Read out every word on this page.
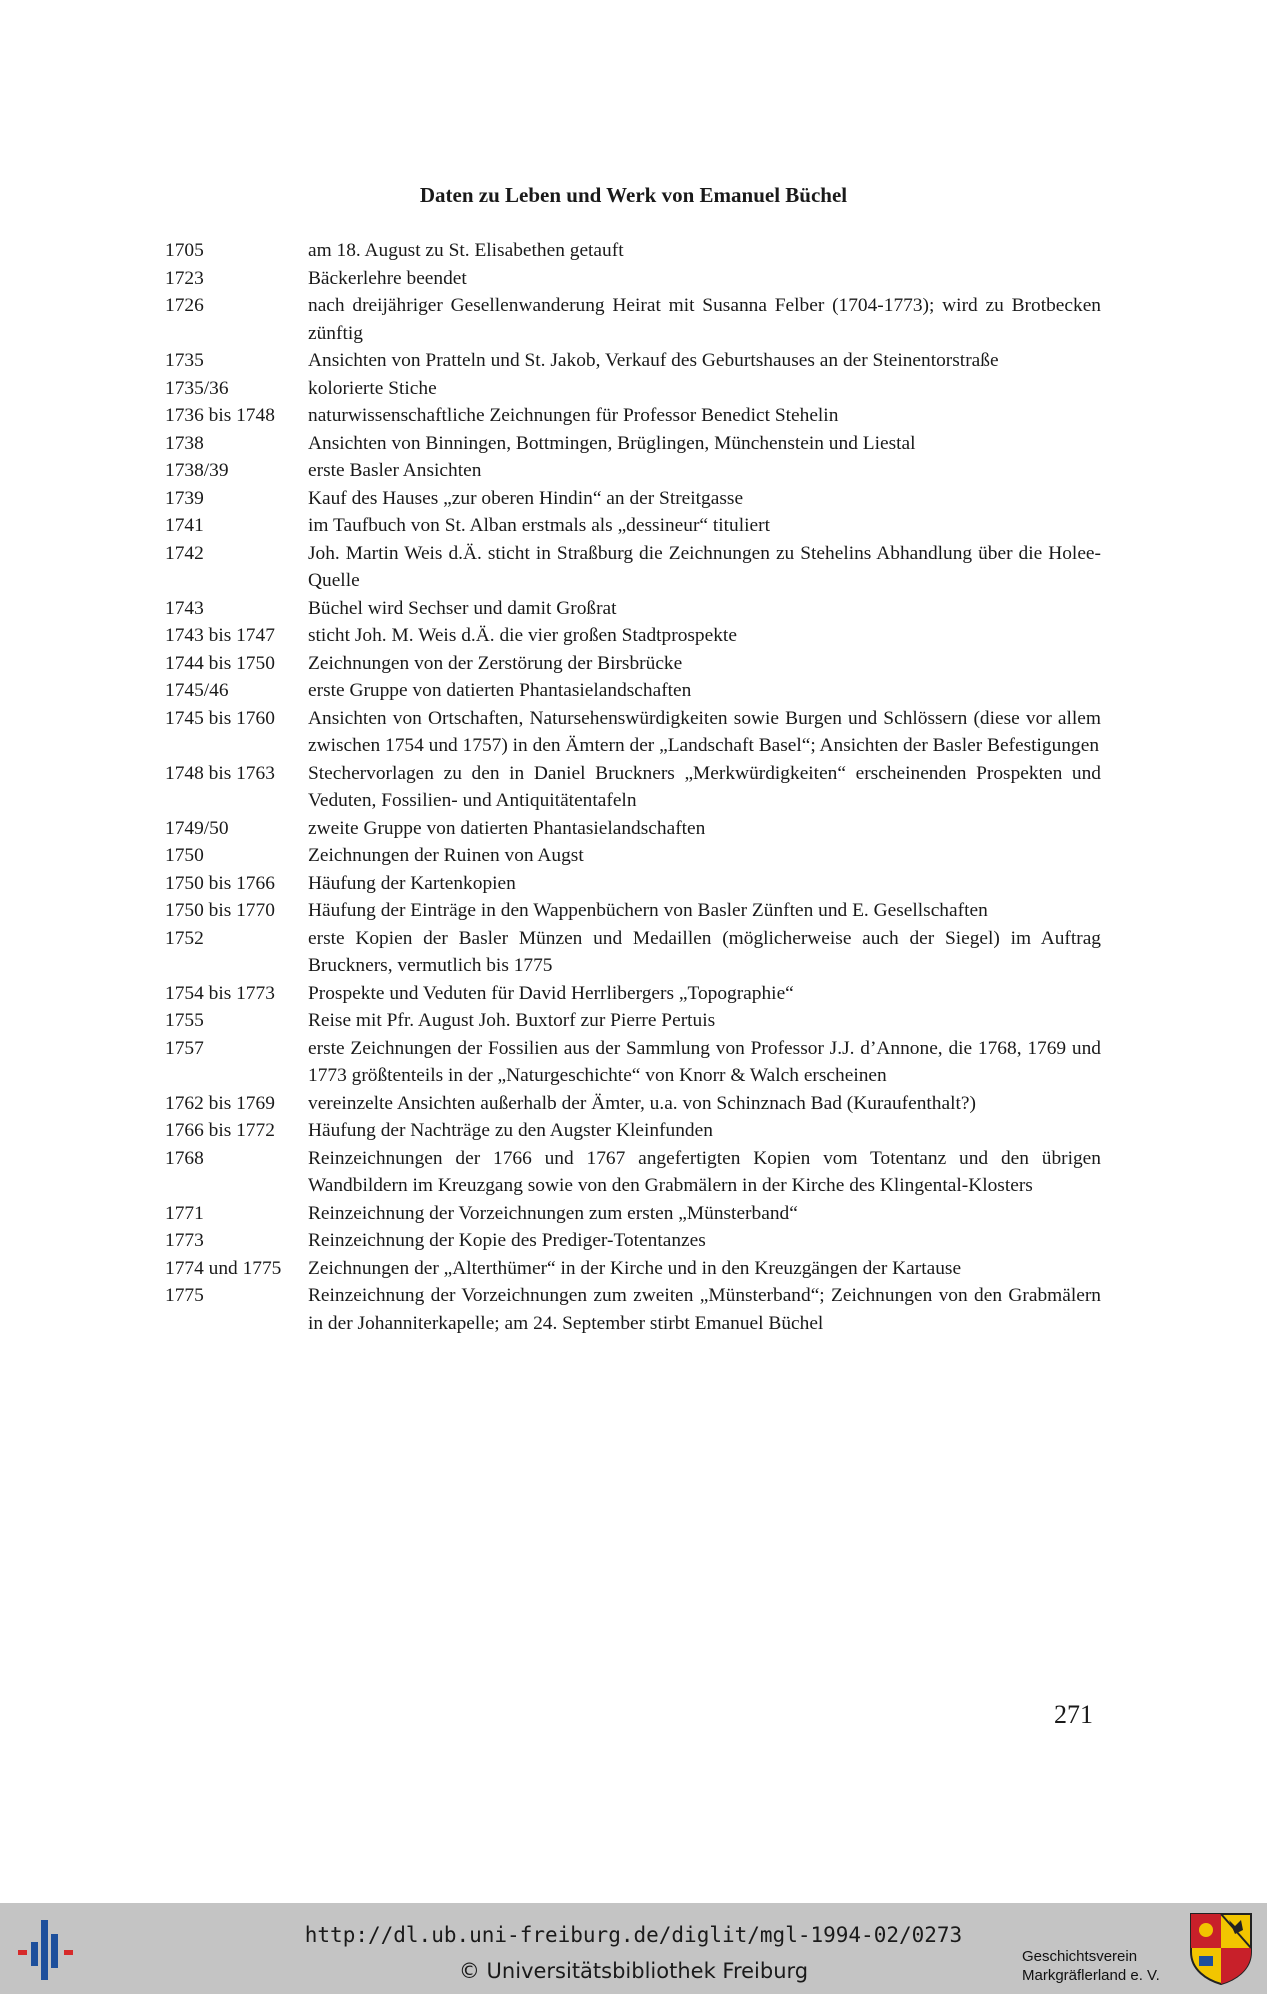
Daten zu Leben und Werk von Emanuel Büchel
1705	am 18. August zu St. Elisabethen getauft
1723	Bäckerlehre beendet
1726	nach dreijähriger Gesellenwanderung Heirat mit Susanna Felber (1704-1773); wird zu Brotbecken zünftig
1735	Ansichten von Pratteln und St. Jakob, Verkauf des Geburtshauses an der Steinentorstraße
1735/36	kolorierte Stiche
1736 bis 1748	naturwissenschaftliche Zeichnungen für Professor Benedict Stehelin
1738	Ansichten von Binningen, Bottmingen, Brüglingen, Münchenstein und Liestal
1738/39	erste Basler Ansichten
1739	Kauf des Hauses „zur oberen Hindin“ an der Streitgasse
1741	im Taufbuch von St. Alban erstmals als „dessineur“ tituliert
1742	Joh. Martin Weis d.Ä. sticht in Straßburg die Zeichnungen zu Stehelins Abhandlung über die Holee-Quelle
1743	Büchel wird Sechser und damit Großrat
1743 bis 1747	sticht Joh. M. Weis d.Ä. die vier großen Stadtprospekte
1744 bis 1750	Zeichnungen von der Zerstörung der Birsbrücke
1745/46	erste Gruppe von datierten Phantasielandschaften
1745 bis 1760	Ansichten von Ortschaften, Natursehenswürdigkeiten sowie Burgen und Schlössern (diese vor allem zwischen 1754 und 1757) in den Ämtern der „Landschaft Basel“; Ansichten der Basler Befestigungen
1748 bis 1763	Stechervorlagen zu den in Daniel Bruckners „Merkwürdigkeiten“ erscheinenden Prospekten und Veduten, Fossilien- und Antiquitätentafeln
1749/50	zweite Gruppe von datierten Phantasielandschaften
1750	Zeichnungen der Ruinen von Augst
1750 bis 1766	Häufung der Kartenkopien
1750 bis 1770	Häufung der Einträge in den Wappenbüchern von Basler Zünften und E. Gesellschaften
1752	erste Kopien der Basler Münzen und Medaillen (möglicherweise auch der Siegel) im Auftrag Bruckners, vermutlich bis 1775
1754 bis 1773	Prospekte und Veduten für David Herrlibergers „Topographie“
1755	Reise mit Pfr. August Joh. Buxtorf zur Pierre Pertuis
1757	erste Zeichnungen der Fossilien aus der Sammlung von Professor J.J. d’Annone, die 1768, 1769 und 1773 größtenteils in der „Naturgeschichte“ von Knorr & Walch erscheinen
1762 bis 1769	vereinzelte Ansichten außerhalb der Ämter, u.a. von Schinznach Bad (Kuraufenthalt?)
1766 bis 1772	Häufung der Nachträge zu den Augster Kleinfunden
1768	Reinzeichnungen der 1766 und 1767 angefertigten Kopien vom Totentanz und den übrigen Wandbildern im Kreuzgang sowie von den Grabmälern in der Kirche des Klingental-Klosters
1771	Reinzeichnung der Vorzeichnungen zum ersten „Münsterband“
1773	Reinzeichnung der Kopie des Prediger-Totentanzes
1774 und 1775	Zeichnungen der „Alterthümer“ in der Kirche und in den Kreuzgängen der Kartause
1775	Reinzeichnung der Vorzeichnungen zum zweiten „Münsterband“; Zeichnungen von den Grabmälern in der Johanniterkapelle; am 24. September stirbt Emanuel Büchel
271
http://dl.ub.uni-freiburg.de/diglit/mgl-1994-02/0273
© Universitätsbibliothek Freiburg
Geschichtsverein
Markgräflerland e. V.
